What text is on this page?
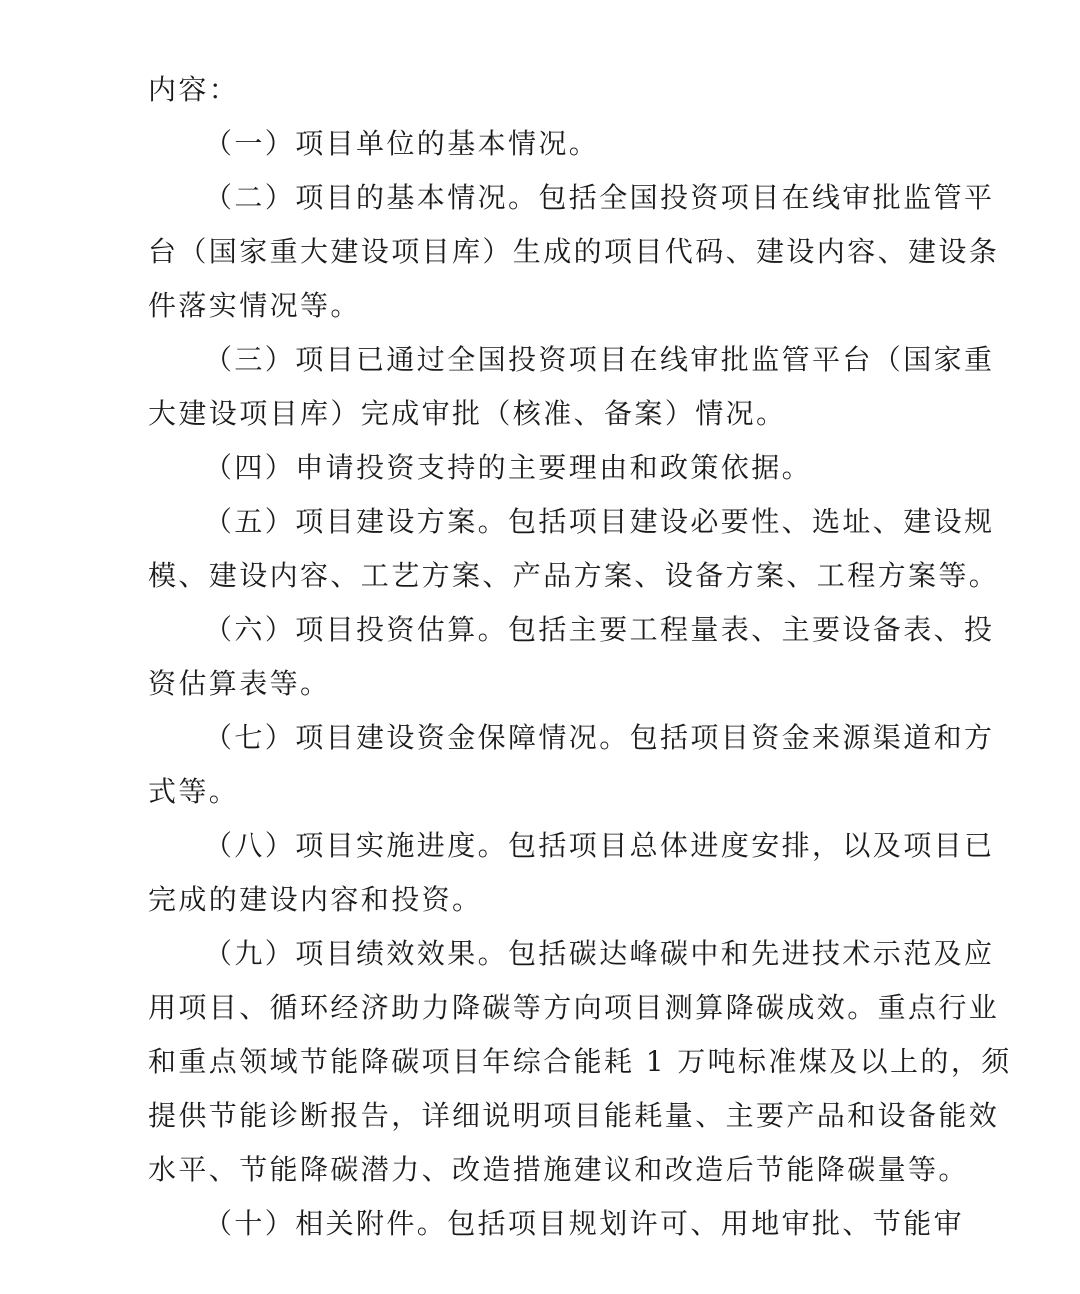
内容：
（一）项目单位的基本情况。
（二）项目的基本情况。包括全国投资项目在线审批监管平
台（国家重大建设项目库）生成的项目代码、建设内容、建设条
件落实情况等。
（三）项目已通过全国投资项目在线审批监管平台（国家重
大建设项目库）完成审批（核准、备案）情况。
（四）申请投资支持的主要理由和政策依据。
（五）项目建设方案。包括项目建设必要性、选址、建设规
模、建设内容、工艺方案、产品方案、设备方案、工程方案等。
（六）项目投资估算。包括主要工程量表、主要设备表、投
资估算表等。
（七）项目建设资金保障情况。包括项目资金来源渠道和方
式等。
（八）项目实施进度。包括项目总体进度安排，以及项目已
完成的建设内容和投资。
（九）项目绩效效果。包括碳达峰碳中和先进技术示范及应
用项目、循环经济助力降碳等方向项目测算降碳成效。重点行业
和重点领域节能降碳项目年综合能耗 1 万吨标准煤及以上的，须
提供节能诊断报告，详细说明项目能耗量、主要产品和设备能效
水平、节能降碳潜力、改造措施建议和改造后节能降碳量等。
（十）相关附件。包括项目规划许可、用地审批、节能审
